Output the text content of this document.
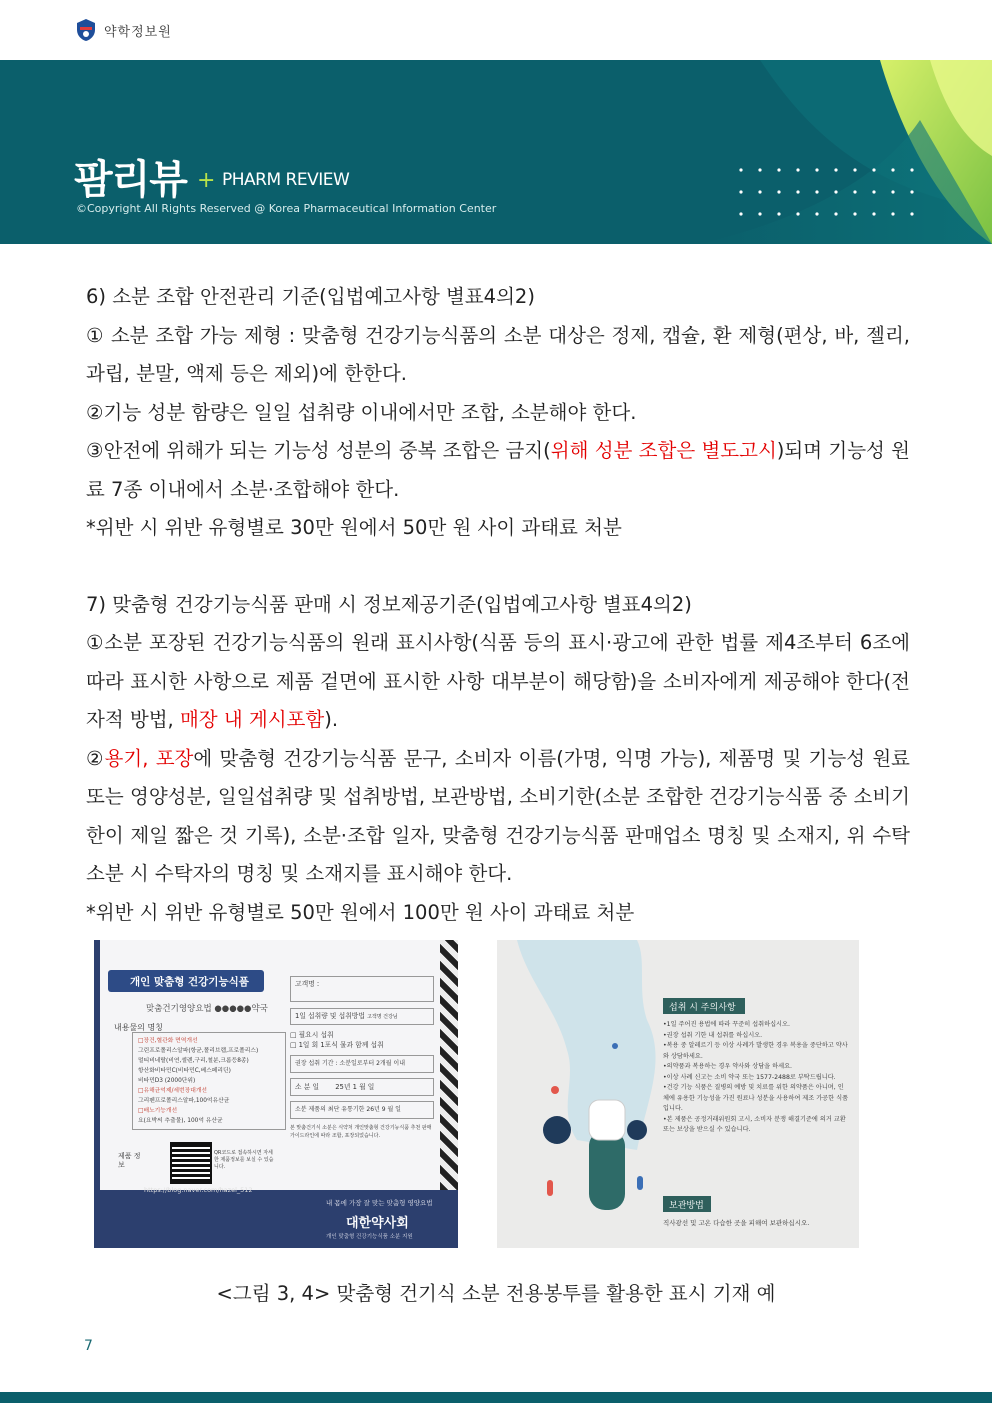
약학정보원
팜리뷰 + PHARM REVIEW
©Copyright All Rights Reserved @ Korea Pharmaceutical Information Center

6) 소분 조합 안전관리 기준(입법예고사항 별표4의2)

① 소분 조합 가능 제형 : 맞춤형 건강기능식품의 소분 대상은 정제, 캡슐, 환 제형(편상, 바, 젤리, 과립, 분말, 액제 등은 제외)에 한한다.

②기능 성분 함량은 일일 섭취량 이내에서만 조합, 소분해야 한다.

③안전에 위해가 되는 기능성 성분의 중복 조합은 금지(위해 성분 조합은 별도고시)되며 기능성 원료 7종 이내에서 소분·조합해야 한다.

*위반 시 위반 유형별로 30만 원에서 50만 원 사이 과태료 처분

7) 맞춤형 건강기능식품 판매 시 정보제공기준(입법예고사항 별표4의2)

①소분 포장된 건강기능식품의 원래 표시사항(식품 등의 표시·광고에 관한 법률 제4조부터 6조에 따라 표시한 사항으로 제품 겉면에 표시한 사항 대부분이 해당함)을 소비자에게 제공해야 한다(전자적 방법, 매장 내 게시포함).

②용기, 포장에 맞춤형 건강기능식품 문구, 소비자 이름(가명, 익명 가능), 제품명 및 기능성 원료 또는 영양성분, 일일섭취량 및 섭취방법, 보관방법, 소비기한(소분 조합한 건강기능식품 중 소비기한이 제일 짧은 것 기록), 소분·조합 일자, 맞춤형 건강기능식품 판매업소 명칭 및 소재지, 위 수탁 소분 시 수탁자의 명칭 및 소재지를 표시해야 한다.

*위반 시 위반 유형별로 50만 원에서 100만 원 사이 과태료 처분

개인 맞춤형 건강기능식품
맞춤건기영양요법 ●●●●●약국
내용물의 명칭
□장건,혈관화 면역개선
그린프로폴리스알파(항균,폴리브랩,프로폴리스)
멀티비네랄(비연,셀렌,구리,철분,크롬등8종)
항산화비타민C(비타민C,베스페리딘)
비타민D3 (2000단위)
□유해균억제/세번장대개선
그리펜프로폴리스알파,100억유산균
□배노기능개선
요(요박씨 추출물), 100억 유산균
고객명 :
1일 섭취량 및 섭취방법 고객명 건강님
□ 필요시 섭취
□ 1일 회 1포식 물과 함께 섭취
권장 섭취 기간 : 소분일로부터 2개월 이내
소 분 일 25년 1 월 일
소분 제품의 최단 유통기한 26년 9 월 일
본 맞춤건기식 소분은 식약처 개인맞춤형 건강기능식품 추천 판매 가이드라인에 따라 조합, 포장되었습니다.
제품 정보
QR코드로 접속하시면 자세한 제품정보를 보실 수 있습니다.
https://blog.naver.com/hazel_512
내 몸에 가장 잘 맞는 맞춤형 영양요법
대한약사회
개인 맞춤형 건강기능식품 소분 지원
섭취 시 주의사항
•1일 주어진 용법에 따라 꾸준히 섭취하십시오.
•권장 섭취 기한 내 섭취를 하십시오.
•복용 중 알레르기 등 이상 사례가 발생한 경우 복용을 중단하고 약사와 상담하세요.
•의약품과 복용하는 경우 약사와 상담을 하세요.
•이상 사례 신고는 소비 약국 또는 1577-2488로 부탁드립니다.
•건강 기능 식품은 질병의 예방 및 치료를 위한 의약품은 아니며, 인체에 유용한 기능성을 가진 원료나 성분을 사용하여 제조 가공한 식품입니다.
•본 제품은 공정거래위원회 고시, 소비자 분쟁 해결기준에 의거 교환 또는 보상을 받으실 수 있습니다.
보관방법
직사광선 및 고온 다습한 곳을 피해여 보관하십시오.
<그림 3, 4> 맞춤형 건기식 소분 전용봉투를 활용한 표시 기재 예
7
